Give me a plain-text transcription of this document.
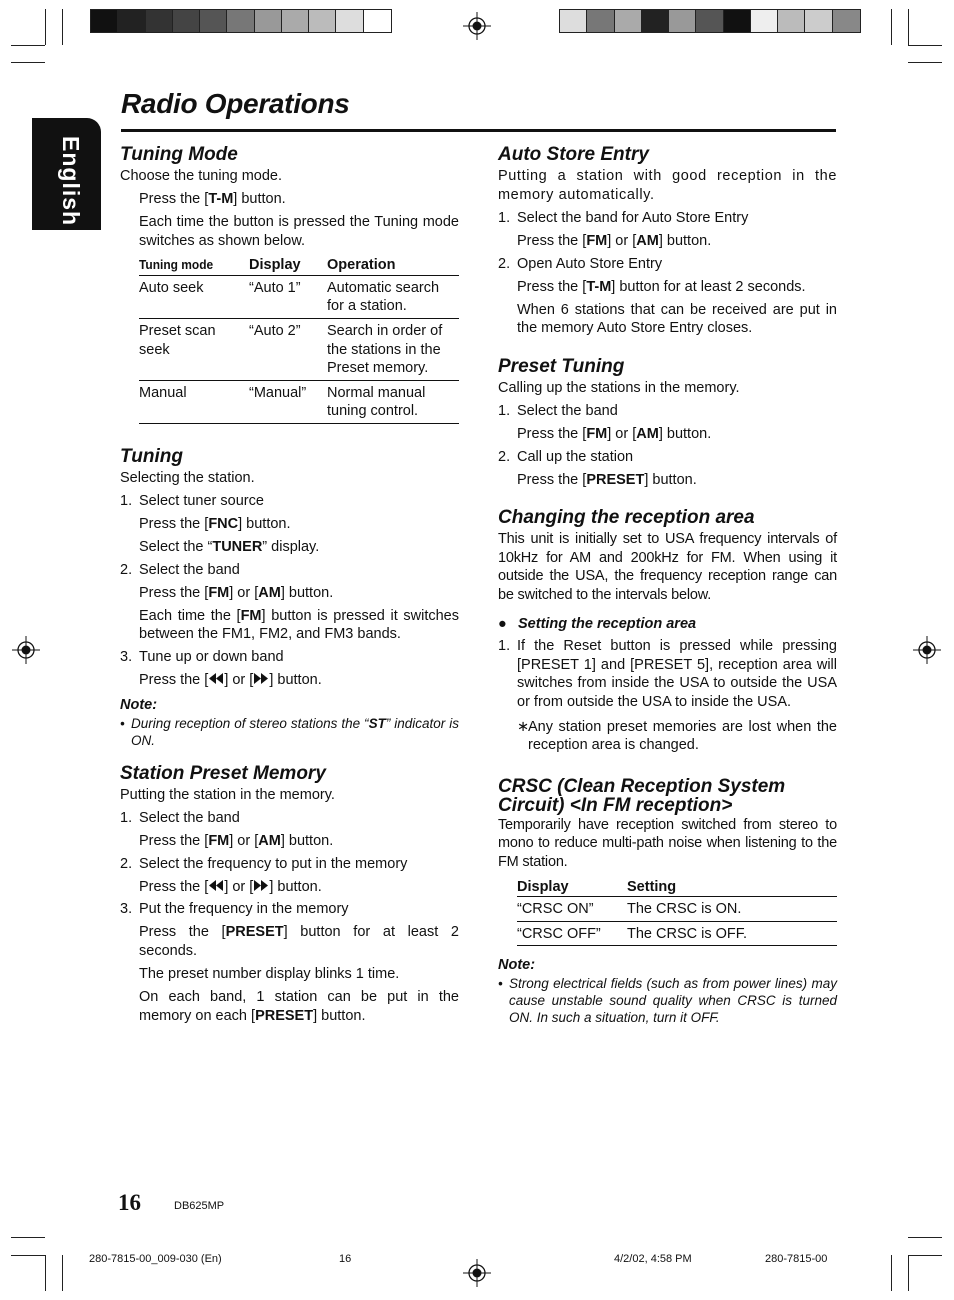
English
Radio Operations
Tuning Mode

Choose the tuning mode.

Press the [T-M] button.

Each time the button is pressed the Tuning mode switches as shown below.

Tuning mode	Display	Operation
Auto seek	“Auto 1”	Automatic search for a station.
Preset scan seek	“Auto 2”	Search in order of the stations in the Preset memory.
Manual	“Manual”	Normal manual tuning control.
Tuning

Selecting the station.

1. Select tuner source

Press the [FNC] button.

Select the “TUNER” display.

2. Select the band

Press the [FM] or [AM] button.

Each time the [FM] button is pressed it switches between the FM1, FM2, and FM3 bands.

3. Tune up or down band

Press the [ ] or [ ] button.

Note:
• During reception of stereo stations the “ST” indicator is ON.
Station Preset Memory

Putting the station in the memory.

1. Select the band

Press the [FM] or [AM] button.

2. Select the frequency to put in the memory

Press the [ ] or [ ] button.

3. Put the frequency in the memory

Press the [PRESET] button for at least 2 seconds.

The preset number display blinks 1 time.

On each band, 1 station can be put in the memory on each [PRESET] button.

Auto Store Entry

Putting a station with good reception in the memory automatically.

1. Select the band for Auto Store Entry

Press the [FM] or [AM] button.

2. Open Auto Store Entry

Press the [T-M] button for at least 2 seconds.

When 6 stations that can be received are put in the memory Auto Store Entry closes.

Preset Tuning

Calling up the stations in the memory.

1. Select the band

Press the [FM] or [AM] button.

2. Call up the station

Press the [PRESET] button.

Changing the reception area

This unit is initially set to USA frequency intervals of 10kHz for AM and 200kHz for FM. When using it outside the USA, the frequency reception range can be switched to the intervals below.

● Setting the reception area
1. If the Reset button is pressed while pressing [PRESET 1] and [PRESET 5], reception area will switches from inside the USA to outside the USA or from outside the USA to inside the USA.
∗
Any station preset memories are lost when the reception area is changed.
CRSC (Clean Reception System
Circuit) <In FM reception>

Temporarily have reception switched from stereo to mono to reduce multi-path noise when listening to the FM station.

Display	Setting
“CRSC ON”	The CRSC is ON.
“CRSC OFF”	The CRSC is OFF.
Note:
• Strong electrical fields (such as from power lines) may cause unstable sound quality when CRSC is turned ON. In such a situation, turn it OFF.
16	DB625MP
280-7815-00_009-030 (En)	16	4/2/02, 4:58 PM	280-7815-00
